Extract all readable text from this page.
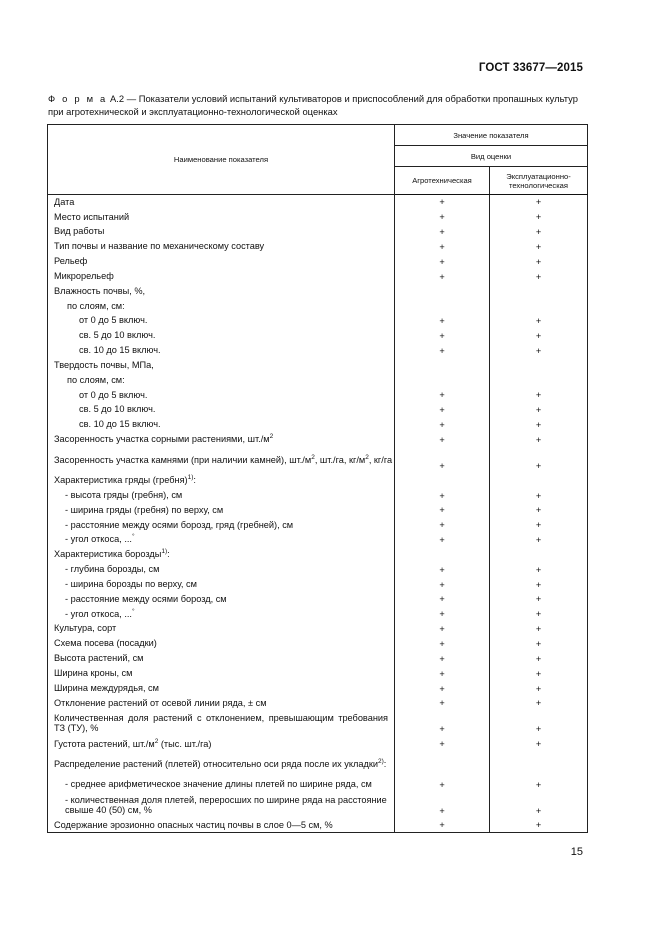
ГОСТ 33677—2015
Ф о р м а А.2 — Показатели условий испытаний культиваторов и приспособлений для обработки пропашных культур при агротехнической и эксплуатационно-технологической оценках
Наименование показателя	Значение показателя	
	Вид оценки	
	Агротехническая	Эксплуатационно-технологическая
Дата	+	+
Место испытаний	+	+
Вид работы	+	+
Тип почвы и название по механическому составу	+	+
Рельеф	+	+
Микрорельеф	+	+
Влажность почвы, %,		
по слоям, см:		
от 0 до 5 включ.	+	+
св. 5 до 10 включ.	+	+
св. 10 до 15 включ.	+	+
Твердость почвы, МПа,		
по слоям, см:		
от 0 до 5 включ.	+	+
св. 5 до 10 включ.	+	+
св. 10 до 15 включ.	+	+
Засоренность участка сорными растениями, $шт./м^2$	+	+
Засоренность участка камнями (при наличии камней), $шт./м^2$, шт./га, $кг/м^2$, кг/га	+	+
Характеристика гряды (гребня)$^{1)}$:		
- высота гряды (гребня), см	+	+
- ширина гряды (гребня) по верху, см	+	+
- расстояние между осями борозд, гряд (гребней), см	+	+
- угол откоса, ...°	+	+
Характеристика борозды$^{1)}$:		
- глубина борозды, см	+	+
- ширина борозды по верху, см	+	+
- расстояние между осями борозд, см	+	+
- угол откоса, ...°	+	+
Культура, сорт	+	+
Схема посева (посадки)	+	+
Высота растений, см	+	+
Ширина кроны, см	+	+
Ширина междурядья, см	+	+
Отклонение растений от осевой линии ряда, ± см	+	+
Количественная доля растений с отклонением, превышающим требования ТЗ (ТУ), %	+	+
Густота растений, $шт./м^2$ (тыс. шт./га)	+	+
Распределение растений (плетей) относительно оси ряда после их укладки$^{2)}$:		
- среднее арифметическое значение длины плетей по ширине ряда, см	+	+
- количественная доля плетей, переросших по ширине ряда на расстояние свыше 40 (50) см, %	+	+
Содержание эрозионно опасных частиц почвы в слое 0—5 см, %	+	+
15
